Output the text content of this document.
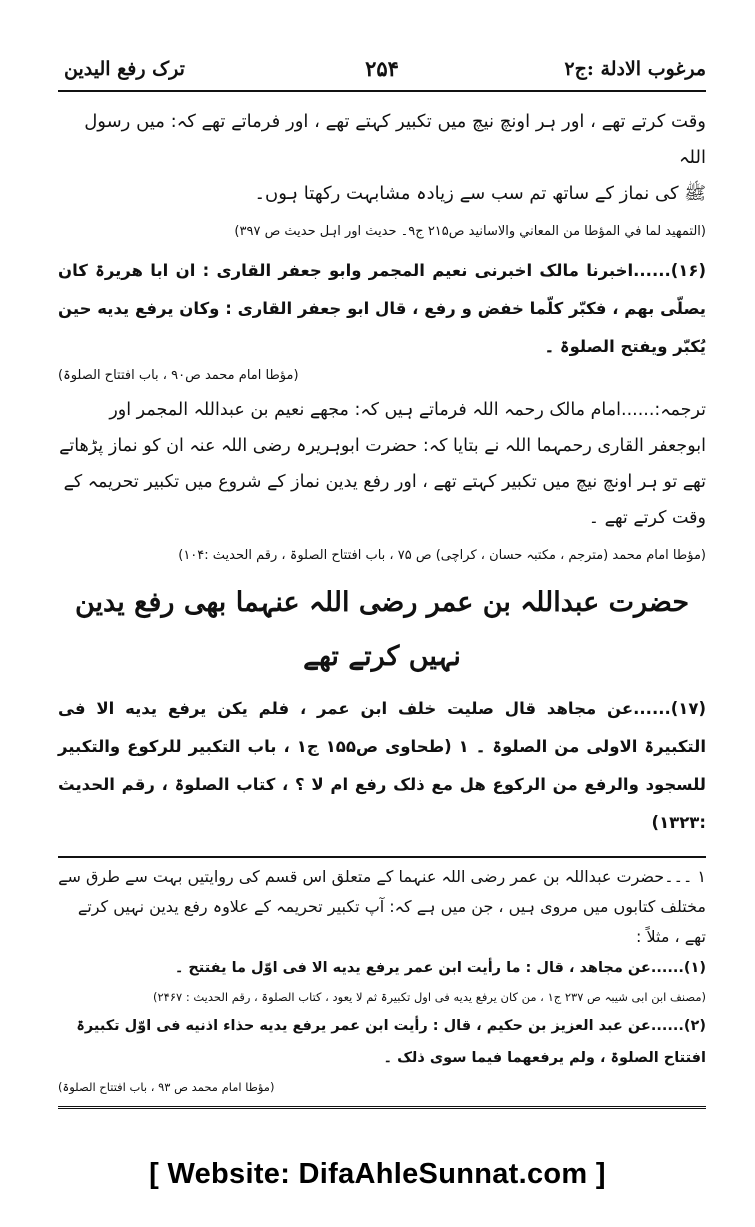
مرغوب الادلة :ج۲
۲۵۴
ترک رفع الیدین

وقت کرتے تھے ، اور ہر اونچ نیچ میں تکبیر کہتے تھے ، اور فرماتے تھے کہ: میں رسول اللہ

ﷺ کی نماز کے ساتھ تم سب سے زیادہ مشابہت رکھتا ہوں۔

(التمهيد لما في المؤطا من المعاني والاسانيد ص۲۱۵ ج۹۔ حدیث اور اہل حدیث ص ۳۹۷)

(۱۶)......اخبرنا مالک اخبرنی نعیم المجمر وابو جعفر القاری : ان ابا ھریرۃ کان یصلّی بھم ، فکبّر کلّما خفض و رفع ، قال ابو جعفر القاری : وکان یرفع یدیه حین یُکبّر ویفتح الصلوۃ ۔

(مؤطا امام محمد ص۹۰ ، باب افتتاح الصلوۃ)

ترجمہ:......امام مالک رحمہ اللہ فرماتے ہیں کہ: مجھے نعیم بن عبداللہ المجمر اور ابوجعفر القاری رحمہما اللہ نے بتایا کہ: حضرت ابوہریرہ رضی اللہ عنہ ان کو نماز پڑھاتے تھے تو ہر اونچ نیچ میں تکبیر کہتے تھے ، اور رفع یدین نماز کے شروع میں تکبیر تحریمہ کے وقت کرتے تھے ۔

(مؤطا امام محمد (مترجم ، مکتبہ حسان ، کراچی) ص ۷۵ ، باب افتتاح الصلوۃ ، رقم الحدیث :۱۰۴)

حضرت عبداللہ بن عمر رضی اللہ عنہما بھی رفع یدین نہیں کرتے تھے

(۱۷)......عن مجاھد قال صلیت خلف ابن عمر ، فلم یکن یرفع یدیه الا فی التکبیرۃ الاولی من الصلوۃ ۔ ۱ (طحاوی ص۱۵۵ ج۱ ، باب التکبیر للرکوع والتکبیر للسجود والرفع من الرکوع ھل مع ذلک رفع ام لا ؟ ، کتاب الصلوۃ ، رقم الحدیث :۱۳۲۳)

۱ ۔۔۔حضرت عبداللہ بن عمر رضی اللہ عنہما کے متعلق اس قسم کی روایتیں بہت سے طرق سے مختلف کتابوں میں مروی ہیں ، جن میں ہے کہ: آپ تکبیر تحریمہ کے علاوہ رفع یدین نہیں کرتے تھے ، مثلاً :

(۱)......عن مجاھد ، قال : ما رأیت ابن عمر یرفع یدیه الا فی اوّل ما یفتتح ۔

(مصنف ابن ابی شیبہ ص ۲۳۷ ج۱ ، من کان یرفع یدیه فی اول تکبیرۃ ثم لا یعود ، کتاب الصلوۃ ، رقم الحدیث : ۲۴۶۷)

(۲)......عن عبد العزیز بن حکیم ، قال : رأیت ابن عمر یرفع یدیه حذاء اذنیه فی اوّل تکبیرۃ افتتاح الصلوۃ ، ولم یرفعھما فیما سوی ذلک ۔

(مؤطا امام محمد ص ۹۳ ، باب افتتاح الصلوۃ)

[ Website: DifaAhleSunnat.com ]
